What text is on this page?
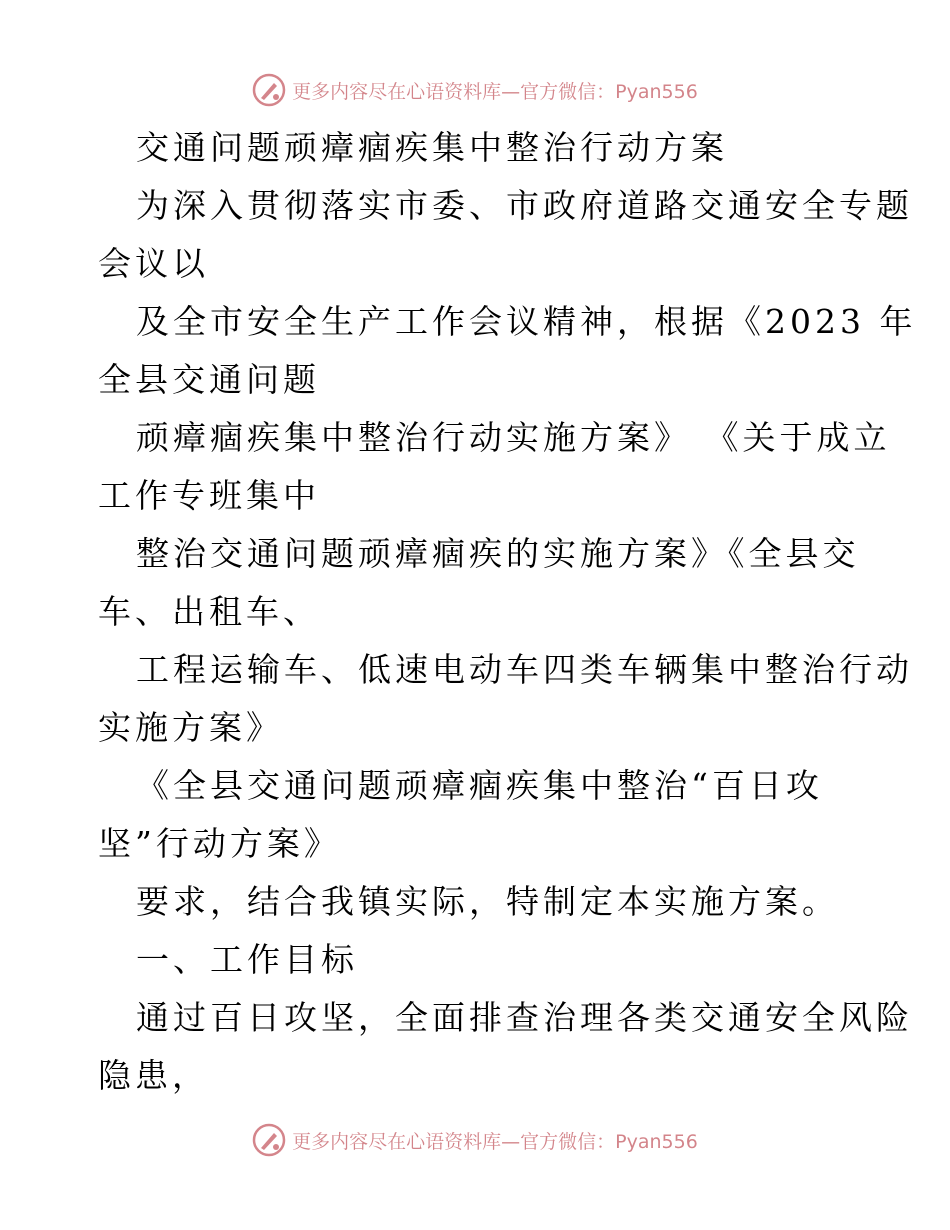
更多内容尽在心语资料库—官方微信：Pyan556
交通问题顽瘴痼疾集中整治行动方案
为深入贯彻落实市委、市政府道路交通安全专题
会议以
及全市安全生产工作会议精神，根据《2023 年
全县交通问题
顽瘴痼疾集中整治行动实施方案》 《关于成立
工作专班集中
整治交通问题顽瘴痼疾的实施方案》《全县交
车、出租车、
工程运输车、低速电动车四类车辆集中整治行动
实施方案》
《全县交通问题顽瘴痼疾集中整治“百日攻
坚”行动方案》
要求，结合我镇实际，特制定本实施方案。
一、工作目标
通过百日攻坚，全面排查治理各类交通安全风险
隐患，
更多内容尽在心语资料库—官方微信：Pyan556
